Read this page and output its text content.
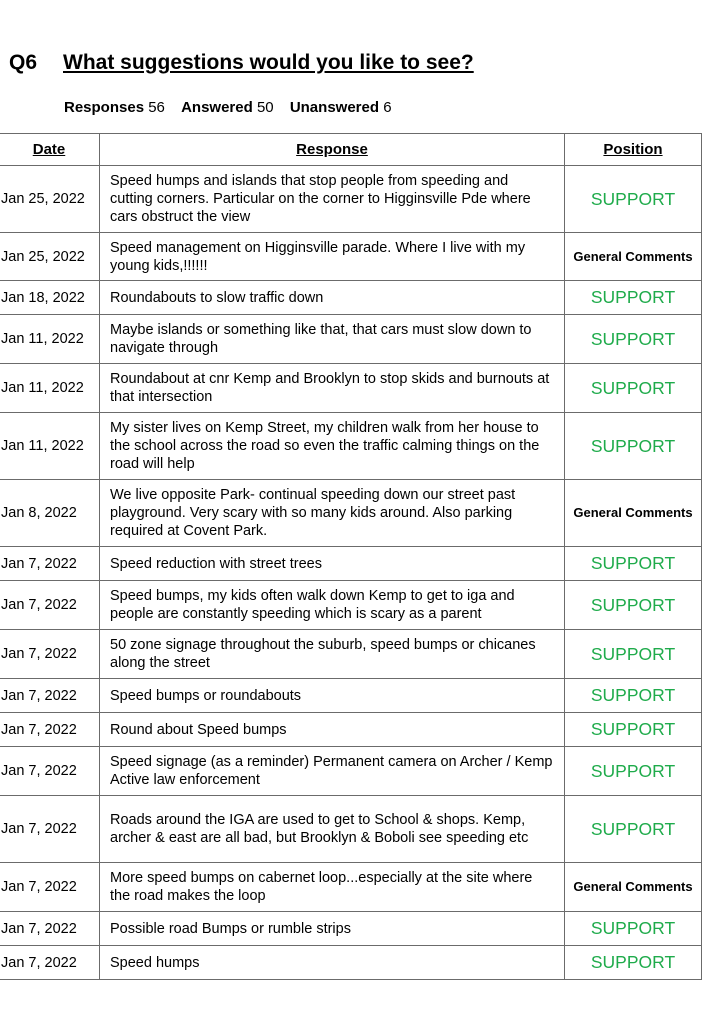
Q6 What suggestions would you like to see?
Responses 56 Answered 50 Unanswered 6
Date	Response	Position
Jan 25, 2022	Speed humps and islands that stop people from speeding and cutting corners. Particular on the corner to Higginsville Pde where cars obstruct the view	SUPPORT
Jan 25, 2022	Speed management on Higginsville parade. Where I live with my young kids,!!!!!!	General Comments
Jan 18, 2022	Roundabouts to slow traffic down	SUPPORT
Jan 11, 2022	Maybe islands or something like that, that cars must slow down to navigate through	SUPPORT
Jan 11, 2022	Roundabout at cnr Kemp and Brooklyn to stop skids and burnouts at that intersection	SUPPORT
Jan 11, 2022	My sister lives on Kemp Street, my children walk from her house to the school across the road so even the traffic calming things on the road will help	SUPPORT
Jan 8, 2022	We live opposite Park- continual speeding down our street past playground. Very scary with so many kids around. Also parking required at Covent Park.	General Comments
Jan 7, 2022	Speed reduction with street trees	SUPPORT
Jan 7, 2022	Speed bumps, my kids often walk down Kemp to get to iga and people are constantly speeding which is scary as a parent	SUPPORT
Jan 7, 2022	50 zone signage throughout the suburb, speed bumps or chicanes along the street	SUPPORT
Jan 7, 2022	Speed bumps or roundabouts	SUPPORT
Jan 7, 2022	Round about Speed bumps	SUPPORT
Jan 7, 2022	Speed signage (as a reminder) Permanent camera on Archer / Kemp Active law enforcement	SUPPORT
Jan 7, 2022	Roads around the IGA are used to get to School & shops. Kemp, archer & east are all bad, but Brooklyn & Boboli see speeding etc	SUPPORT
Jan 7, 2022	More speed bumps on cabernet loop...especially at the site where the road makes the loop	General Comments
Jan 7, 2022	Possible road Bumps or rumble strips	SUPPORT
Jan 7, 2022	Speed humps	SUPPORT
